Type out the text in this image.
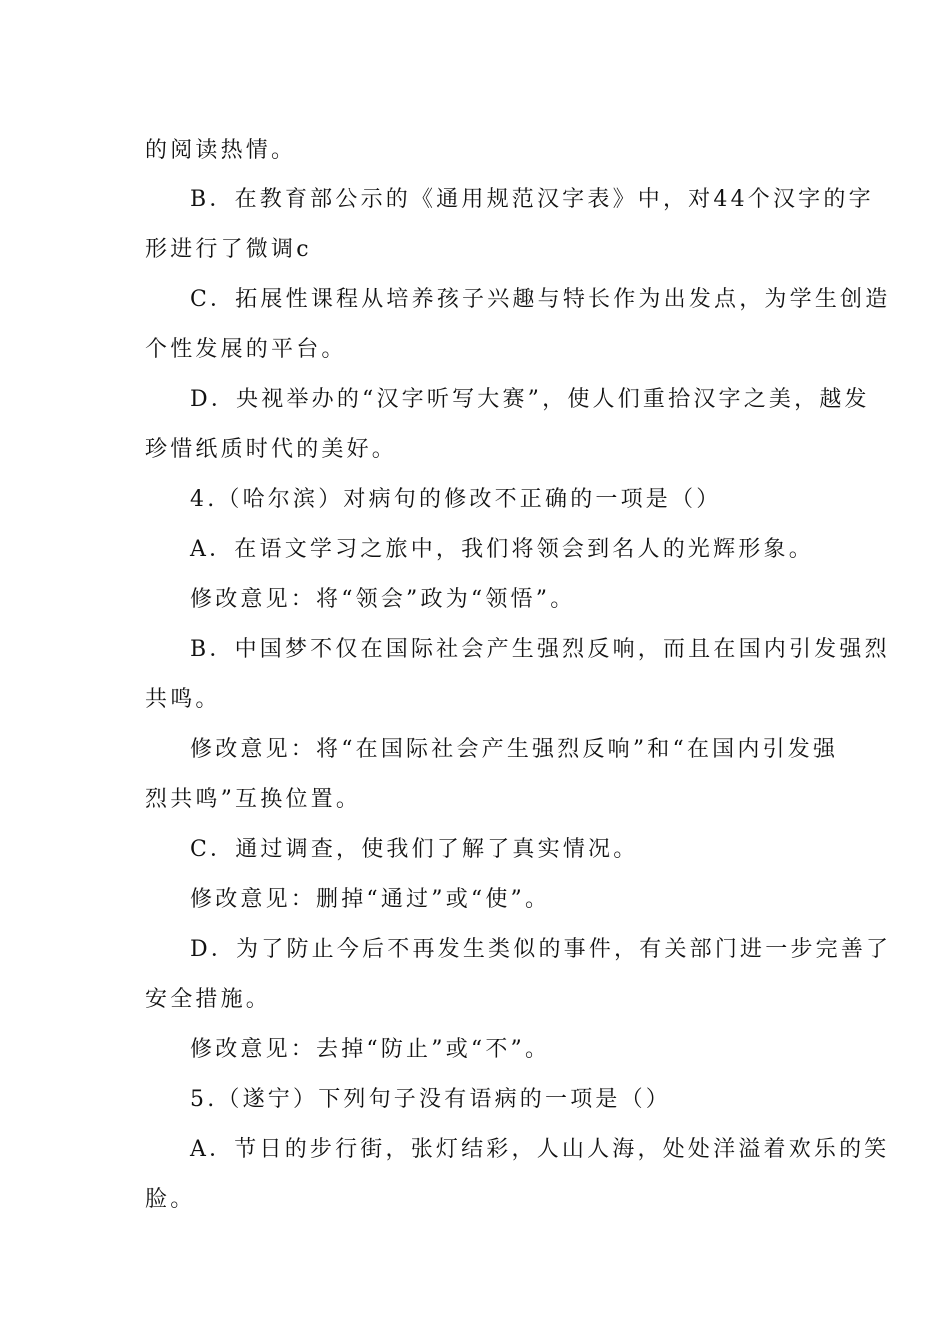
的阅读热情。
B．在教育部公示的《通用规范汉字表》中，对44个汉字的字
形进行了微调c
C．拓展性课程从培养孩子兴趣与特长作为出发点，为学生创造
个性发展的平台。
D．央视举办的“汉字听写大赛”，使人们重拾汉字之美，越发
珍惜纸质时代的美好。
4.（哈尔滨）对病句的修改不正确的一项是（）
A．在语文学习之旅中，我们将领会到名人的光辉形象。
修改意见：将“领会”政为“领悟”。
B．中国梦不仅在国际社会产生强烈反响，而且在国内引发强烈
共鸣。
修改意见：将“在国际社会产生强烈反响”和“在国内引发强
烈共鸣”互换位置。
C．通过调查，使我们了解了真实情况。
修改意见：删掉“通过”或“使”。
D．为了防止今后不再发生类似的事件，有关部门进一步完善了
安全措施。
修改意见：去掉“防止”或“不”。
5.（遂宁）下列句子没有语病的一项是（）
A．节日的步行街，张灯结彩，人山人海，处处洋溢着欢乐的笑
脸。
